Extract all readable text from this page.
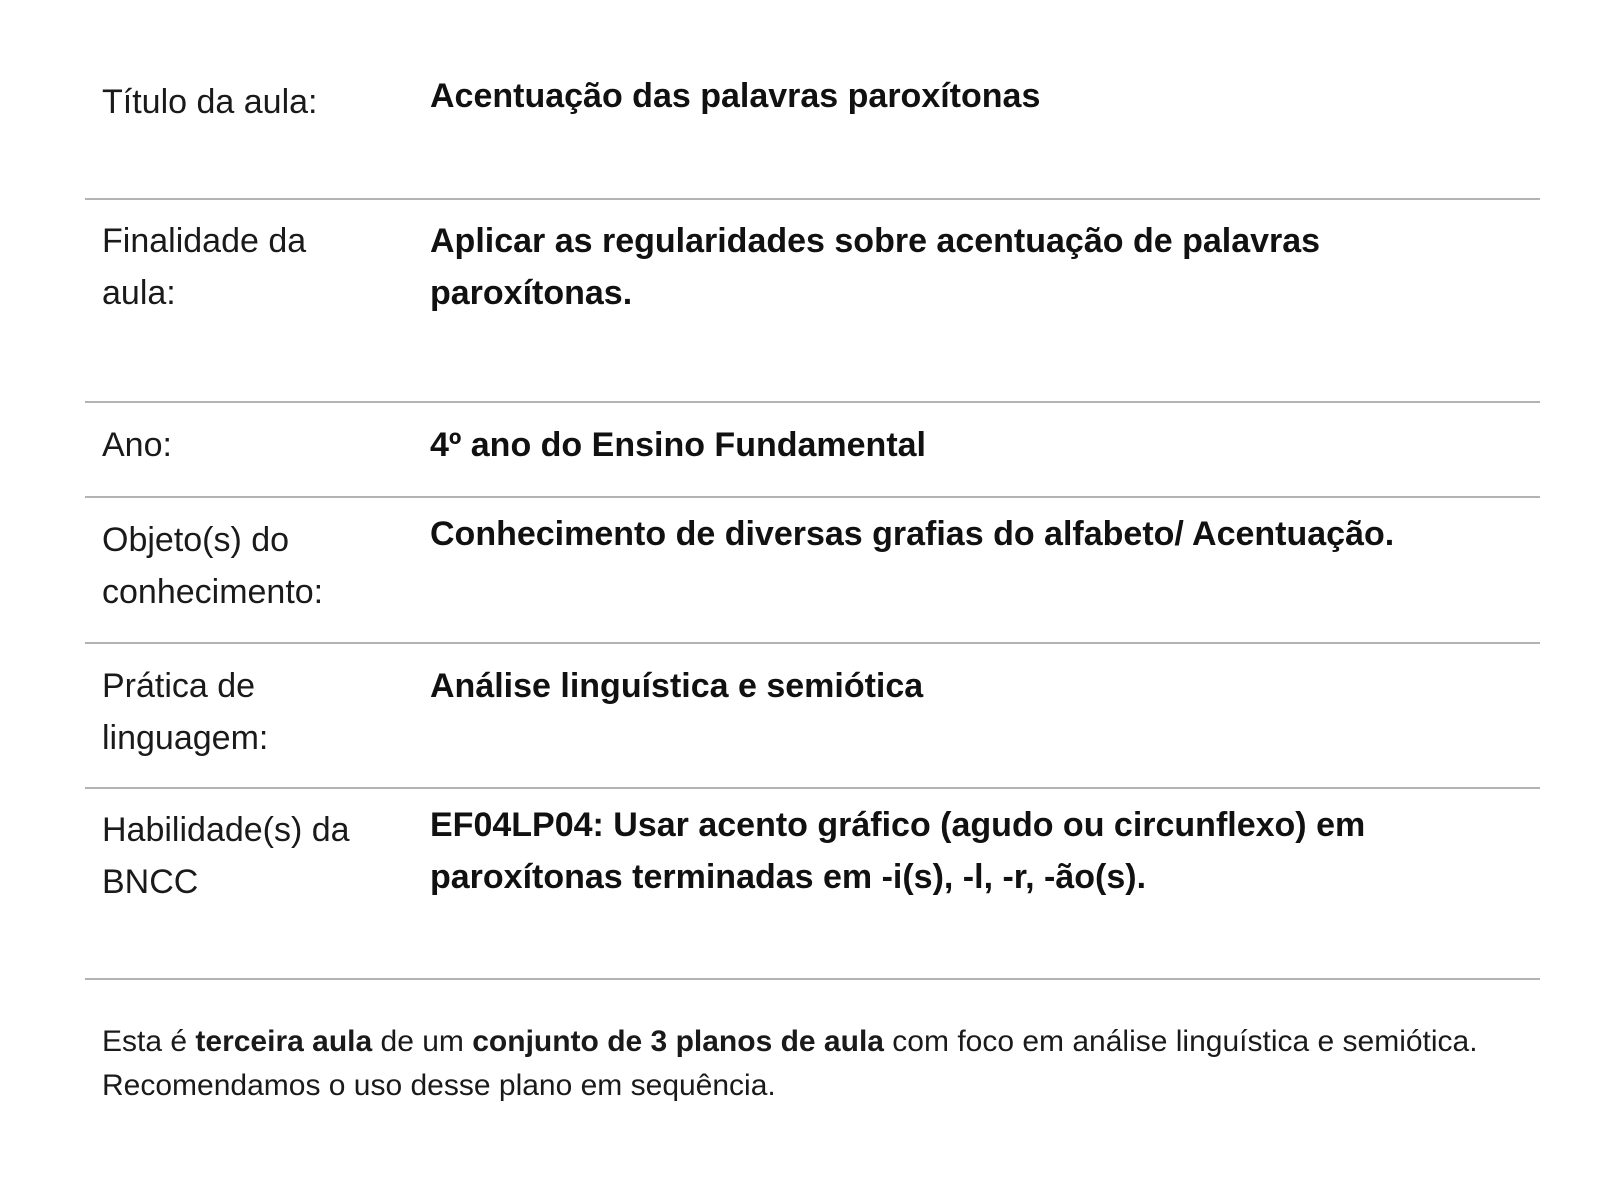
Título da aula:	Acentuação das palavras paroxítonas
Finalidade da aula:
Aplicar as regularidades sobre acentuação de palavras paroxítonas.
Ano:	4º ano do Ensino Fundamental
Objeto(s) do conhecimento:
Conhecimento de diversas grafias do alfabeto/ Acentuação.
Prática de linguagem:
Análise linguística e semiótica
Habilidade(s) da BNCC
EF04LP04: Usar acento gráfico (agudo ou circunflexo) em paroxítonas terminadas em -i(s), -l, -r, -ão(s).
Esta é terceira aula de um conjunto de 3 planos de aula com foco em análise linguística e semiótica. Recomendamos o uso desse plano em sequência.
